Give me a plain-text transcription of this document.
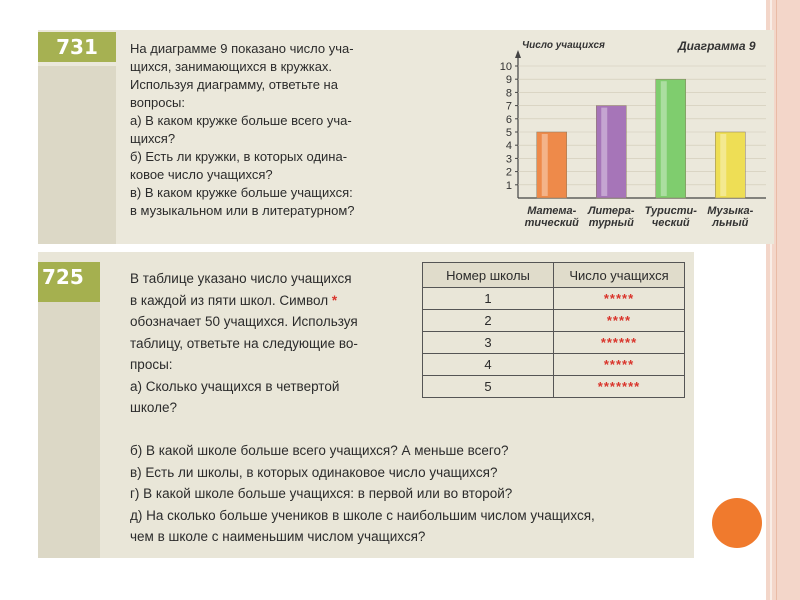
731	На диаграмме 9 показано число уча-
щихся, занимающихся в кружках.
Используя диаграмму, ответьте на
вопросы:
а) В каком кружке больше всего уча-
щихся?
б) Есть ли кружки, в которых одина-
ковое число учащихся?
в) В каком кружке больше учащихся:
в музыкальном или в литературном?
1
2
3
4
5
6
7
8
9
10
Матема-
тический
Литера-
турный
Туристи-
ческий
Музыка-
льный
Диаграмма 9
Число учащихся
725	В таблице указано число учащихся
в каждой из пяти школ. Символ *
обозначает 50 учащихся. Используя
таблицу, ответьте на следующие во-
просы:
а) Сколько учащихся в четвертой
школе?
Номер школы	Число учащихся
1	*****
2	****
3	******
4	*****
5	*******
б) В какой школе больше всего учащихся? А меньше всего?
в) Есть ли школы, в которых одинаковое число учащихся?
г) В какой школе больше учащихся: в первой или во второй?
д) На сколько больше учеников в школе с наибольшим числом учащихся,
чем в школе с наименьшим числом учащихся?
